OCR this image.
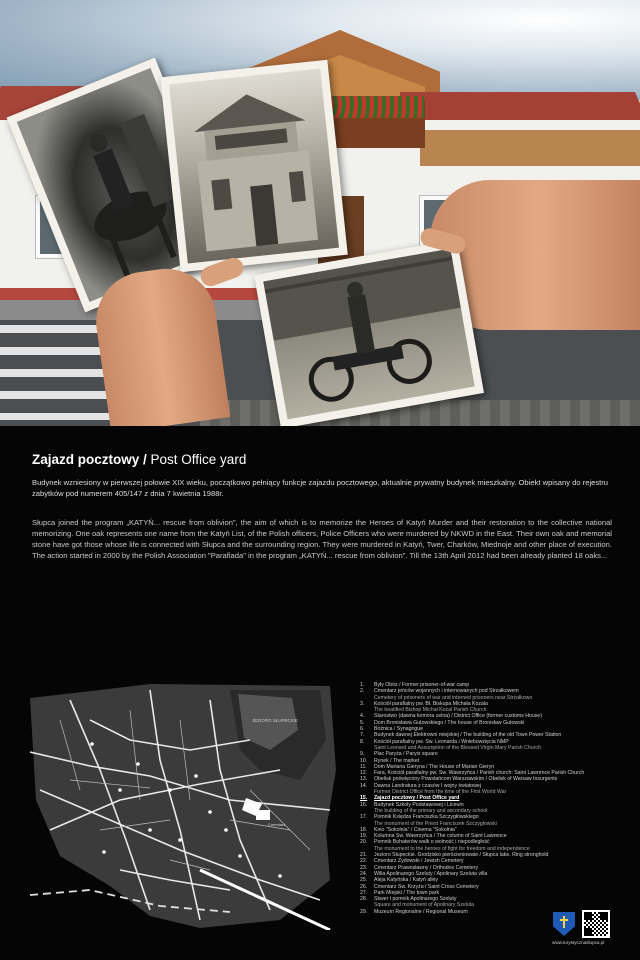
Zajazd pocztowy / Post Office yard

Budynek wzniesiony w pierwszej połowie XIX wieku, początkowo pełniący funkcje zajazdu pocztowego, aktualnie prywatny budynek mieszkalny. Obiekt wpisany do rejestru zabytków pod numerem 405/147 z dnia 7 kwietnia 1988r.

Słupca joined the program „KATYŃ... rescue from oblivion", the aim of which is to memorize the Heroes of Katyń Murder and their restoration to the collective national memorizing. One oak represents one name from the Katyń List, of the Polish officers, Police Officers who were murdered by NKWD in the East. Their own oak and memorial stone have got those whose life is connected with Słupca and the surrounding region. They were murdered in Katyń, Twer, Charków, Miednoje and other place of execution. The action started in 2000 by the Polish Association "Parafiada" in the program „KATYŃ... rescue from oblivion". Till the 13th April 2012 had been already planted 18 oaks...

JEZIORO SŁUPECKIE
Cmentarz
1.	Były Obóz / Former prisoner-of-war camp
2.	Cmentarz jeńców wojennych i internowanych pod Strzałkowem
Cemetery of prisoners of war and interned prisoners near Strzałkowo
3.	Kościół parafialny pw. Bł. Biskupa Michała Kozala
The beatified Bishop Michał Kozal Parish Church
4.	Starostwo (dawna komora celna) / District Office (former customs House)
5.	Dom Bronisława Gutowskiego / The house of Bronisław Gutowski
6.	Bóżnica / Synagogue
7.	Budynek dawnej Elektrowni miejskiej / The building of the old Town Power Station
8.	Kościół parafialny pw. Św. Leonarda i Wniebowzięcia NMP
Saint Leonard and Assumption of the Blessed Virgin Mary Parish Church
9.	Plac Paryża / Paryis square
10.	Rynek / The market
11.	Dom Mariana Gieryna / The House of Marian Gieryn
12.	Fara, Kościół parafialny pw. Św. Wawrzyńca / Parish church: Saint Lawrence Parish Church
13.	Obelisk poświęcony Powstańcom Warszawskim / Obelisk of Warsaw Insurgents
14.	Dawna Landratura z czasów I wojny światowej
Former District Office from the time of the First World War
15.	Zajazd pocztowy / Post Office yard
16.	Budynek Szkoły Podstawowej i Liceum
The building of the primary and secondary school
17.	Pomnik Księdza Franciszka Szczygłowskiego
The monument of the Priest Franciszek Szczygłowski
18.	Kino "Sokolnia" / Cinema "Sokolnia"
19.	Kolumna Św. Wawrzyńca / The column of Saint Lawrence
20.	Pomnik Bohaterów walk o wolność i niepodległość
The monument to the heroes of fight for freedom and independence
21.	Jezioro Słupeckie. Grodzisko pierścieniowate / Słupca lake. Ring stronghold
22.	Cmentarz Żydowski / Jewish Cemetery
23.	Cmentarz Prawosławny / Orthodox Cemetery
24.	Willa Apolinarego Szeluty / Apolinary Szeluta villa
25.	Aleja Katyńska / Katyń alley
26.	Cmentarz Św. Krzyża / Saint Cross Cemetery
27.	Park Miejski / The town park
28.	Skwer i pomnik Apolinarego Szeluty
Square and monument of Apolinary Szeluta
29.	Muzeum Regionalne / Regional Museum
www.turystycznaslupca.pl
